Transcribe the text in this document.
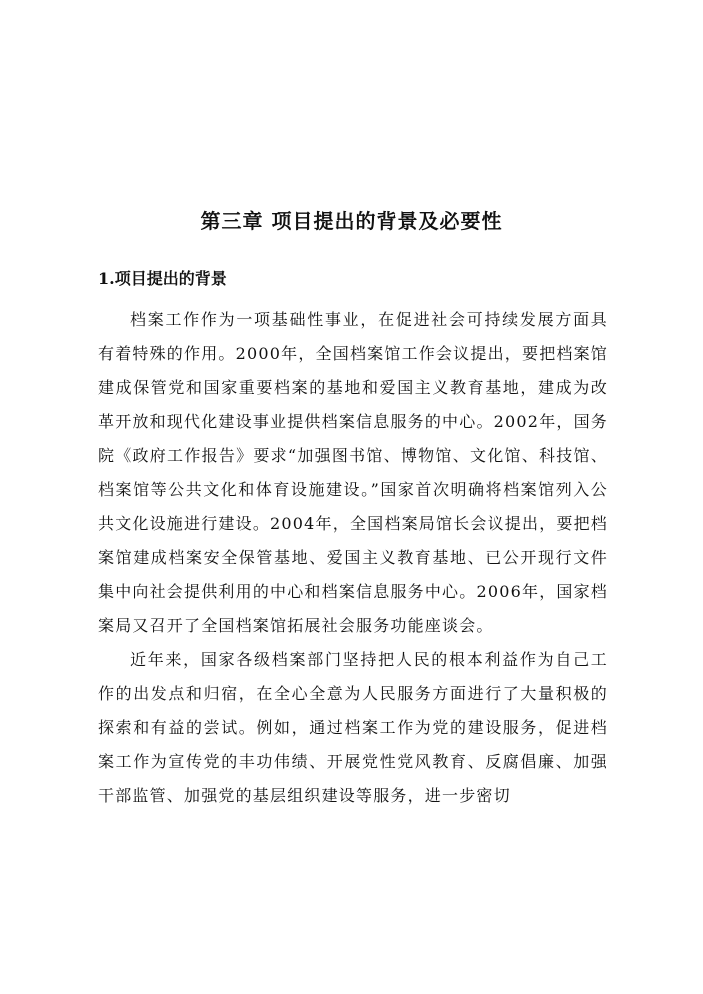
第三章 项目提出的背景及必要性
1.项目提出的背景

档案工作作为一项基础性事业，在促进社会可持续发展方面具有着特殊的作用。2000年，全国档案馆工作会议提出，要把档案馆建成保管党和国家重要档案的基地和爱国主义教育基地，建成为改革开放和现代化建设事业提供档案信息服务的中心。2002年，国务院《政府工作报告》要求“加强图书馆、博物馆、文化馆、科技馆、档案馆等公共文化和体育设施建设。”国家首次明确将档案馆列入公共文化设施进行建设。2004年，全国档案局馆长会议提出，要把档案馆建成档案安全保管基地、爱国主义教育基地、已公开现行文件集中向社会提供利用的中心和档案信息服务中心。2006年，国家档案局又召开了全国档案馆拓展社会服务功能座谈会。

近年来，国家各级档案部门坚持把人民的根本利益作为自己工作的出发点和归宿，在全心全意为人民服务方面进行了大量积极的探索和有益的尝试。例如，通过档案工作为党的建设服务，促进档案工作为宣传党的丰功伟绩、开展党性党风教育、反腐倡廉、加强干部监管、加强党的基层组织建设等服务，进一步密切
